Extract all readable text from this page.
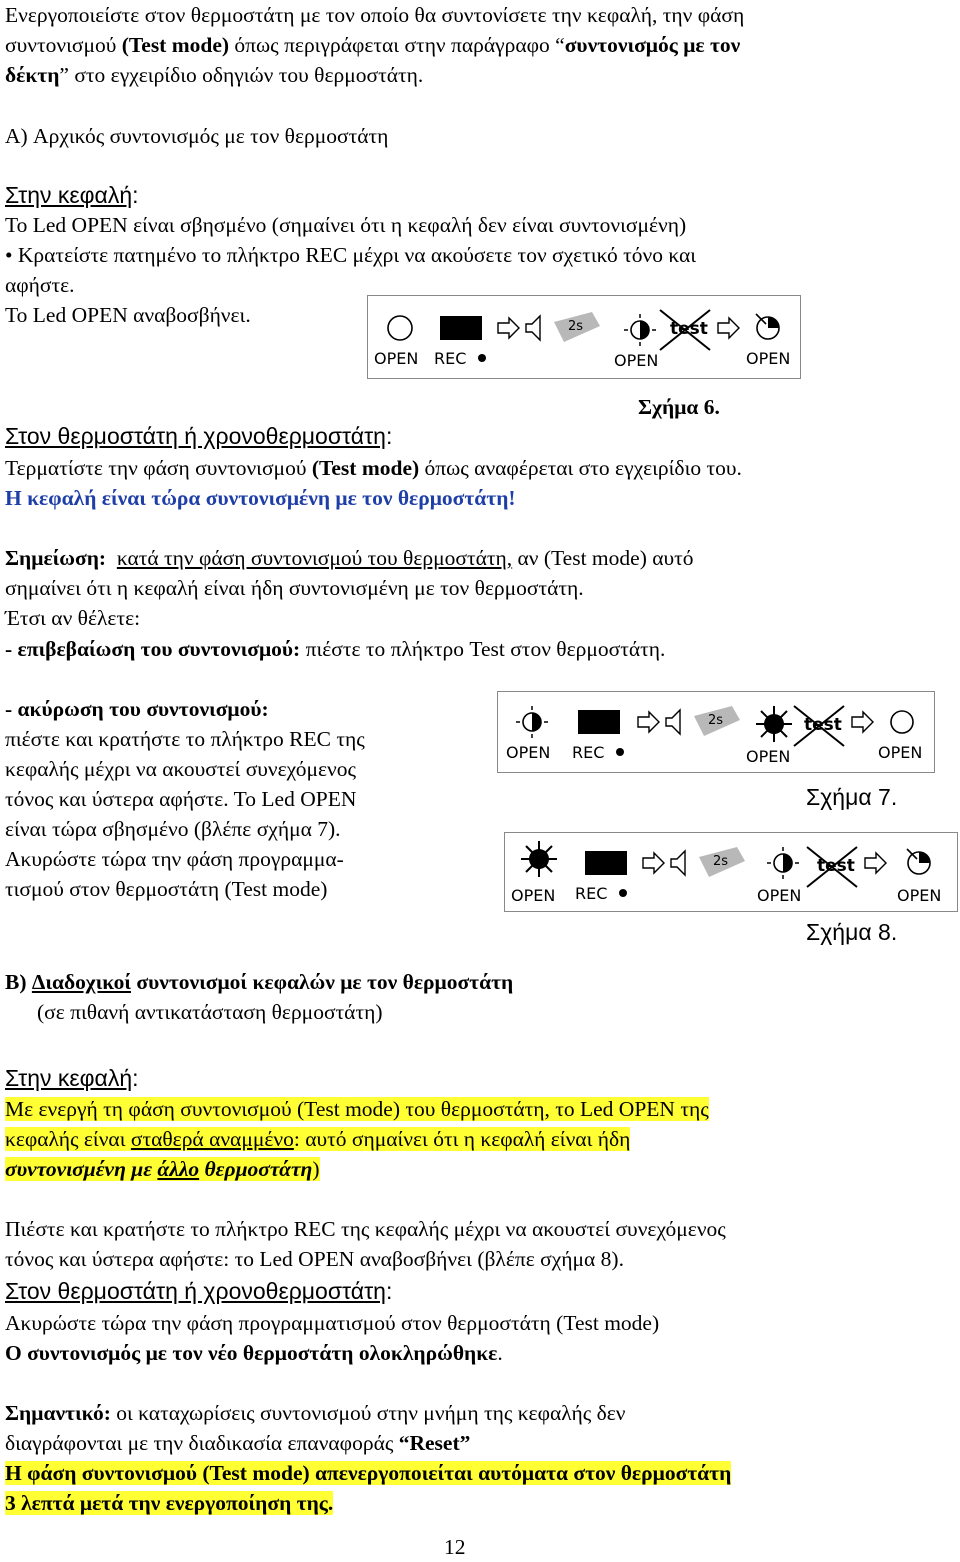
Ενεργοποιείστε στον θερμοστάτη με τον οποίο θα συντονίσετε την κεφαλή, την φάση
συντονισμού (Test mode) όπως περιγράφεται στην παράγραφο “συντονισμός με τον
δέκτη” στο εγχειρίδιο οδηγιών του θερμοστάτη.
A) Αρχικός συντονισμός με τον θερμοστάτη
Στην κεφαλή:
To Led OPEN είναι σβησμένο (σημαίνει ότι η κεφαλή δεν είναι συντονισμένη)
• Κρατείστε πατημένο το πλήκτρο REC μέχρι να ακούσετε τον σχετικό τόνο και
αφήστε.
Το Led OPEN αναβοσβήνει.
OPEN REC
2s
OPEN
test
OPEN
Σχήμα 6.
Στον θερμοστάτη ή χρονοθερμοστάτη:
Τερματίστε την φάση συντονισμού (Test mode) όπως αναφέρεται στο εγχειρίδιο του.
Η κεφαλή είναι τώρα συντονισμένη με τον θερμοστάτη!
Σημείωση: κατά την φάση συντονισμού του θερμοστάτη, αν (Test mode) αυτό
σημαίνει ότι η κεφαλή είναι ήδη συντονισμένη με τον θερμοστάτη.
Έτσι αν θέλετε:
- επιβεβαίωση του συντονισμού: πιέστε το πλήκτρο Test στον θερμοστάτη.
- ακύρωση του συντονισμού:
πιέστε και κρατήστε το πλήκτρο REC της
κεφαλής μέχρι να ακουστεί συνεχόμενος
τόνος και ύστερα αφήστε. Το Led OPEN
είναι τώρα σβησμένο (βλέπε σχήμα 7).
Ακυρώστε τώρα την φάση προγραμμα-
τισμού στον θερμοστάτη (Test mode)
OPEN REC
2s
OPEN
test
OPEN
Σχήμα 7.
OPEN REC
2s
OPEN
test
OPEN
Σχήμα 8.
B) Διαδοχικοί συντονισμοί κεφαλών με τον θερμοστάτη
(σε πιθανή αντικατάσταση θερμοστάτη)
Στην κεφαλή:
Με ενεργή τη φάση συντονισμού (Test mode) του θερμοστάτη, το Led OPEN της
κεφαλής είναι σταθερά αναμμένο: αυτό σημαίνει ότι η κεφαλή είναι ήδη
συντονισμένη με άλλο θερμοστάτη)
Πιέστε και κρατήστε το πλήκτρο REC της κεφαλής μέχρι να ακουστεί συνεχόμενος
τόνος και ύστερα αφήστε: το Led OPEN αναβοσβήνει (βλέπε σχήμα 8).
Στον θερμοστάτη ή χρονοθερμοστάτη:
Ακυρώστε τώρα την φάση προγραμματισμού στον θερμοστάτη (Test mode)
Ο συντονισμός με τον νέο θερμοστάτη ολοκληρώθηκε.
Σημαντικό: οι καταχωρίσεις συντονισμού στην μνήμη της κεφαλής δεν
διαγράφονται με την διαδικασία επαναφοράς “Reset”
Η φάση συντονισμού (Test mode) απενεργοποιείται αυτόματα στον θερμοστάτη
3 λεπτά μετά την ενεργοποίηση της.
12
